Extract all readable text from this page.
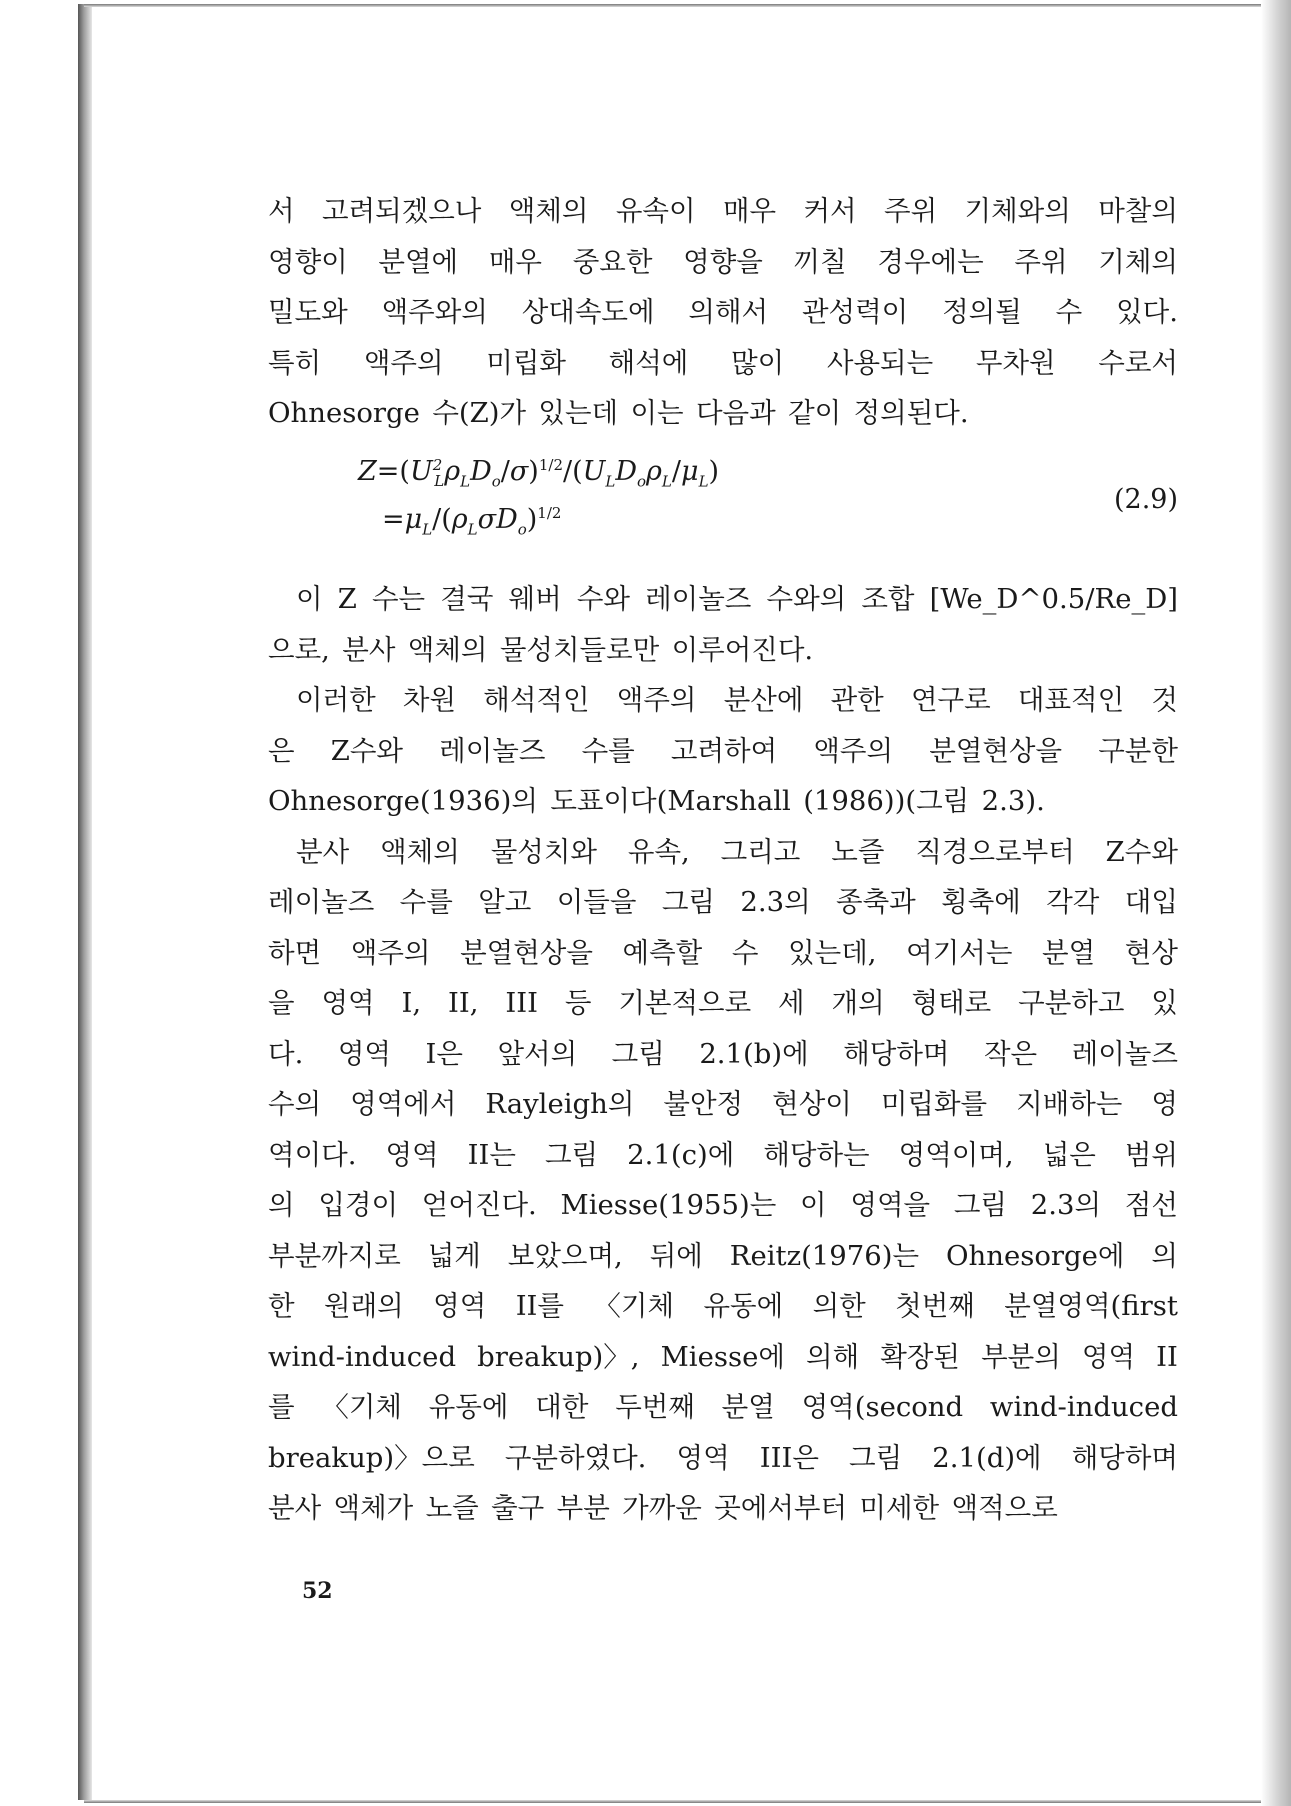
서 고려되겠으나 액체의 유속이 매우 커서 주위 기체와의 마찰의
영향이 분열에 매우 중요한 영향을 끼칠 경우에는 주위 기체의
밀도와 액주와의 상대속도에 의해서 관성력이 정의될 수 있다.
특히 액주의 미립화 해석에 많이 사용되는 무차원 수로서
Ohnesorge 수(Z)가 있는데 이는 다음과 같이 정의된다.
$Z=(U^2_L\rho_LD_o/\sigma)^{1/2}/(U_LD_o\rho_L/\mu_L)$
$=\mu_L/(\rho_L\sigma D_o)^{1/2}$	(2.9)
이 Z 수는 결국 웨버 수와 레이놀즈 수와의 조합 [We_D^0.5/Re_D]
으로, 분사 액체의 물성치들로만 이루어진다.
이러한 차원 해석적인 액주의 분산에 관한 연구로 대표적인 것
은 Z수와 레이놀즈 수를 고려하여 액주의 분열현상을 구분한
Ohnesorge(1936)의 도표이다(Marshall (1986))(그림 2.3).
분사 액체의 물성치와 유속, 그리고 노즐 직경으로부터 Z수와
레이놀즈 수를 알고 이들을 그림 2.3의 종축과 횡축에 각각 대입
하면 액주의 분열현상을 예측할 수 있는데, 여기서는 분열 현상
을 영역 I, II, III 등 기본적으로 세 개의 형태로 구분하고 있
다. 영역 I은 앞서의 그림 2.1(b)에 해당하며 작은 레이놀즈
수의 영역에서 Rayleigh의 불안정 현상이 미립화를 지배하는 영
역이다. 영역 II는 그림 2.1(c)에 해당하는 영역이며, 넓은 범위
의 입경이 얻어진다. Miesse(1955)는 이 영역을 그림 2.3의 점선
부분까지로 넓게 보았으며, 뒤에 Reitz(1976)는 Ohnesorge에 의
한 원래의 영역 II를 〈기체 유동에 의한 첫번째 분열영역(first
wind-induced breakup)〉, Miesse에 의해 확장된 부분의 영역 II
를 〈기체 유동에 대한 두번째 분열 영역(second wind-induced
breakup)〉으로 구분하였다. 영역 III은 그림 2.1(d)에 해당하며
분사 액체가 노즐 출구 부분 가까운 곳에서부터 미세한 액적으로
52
